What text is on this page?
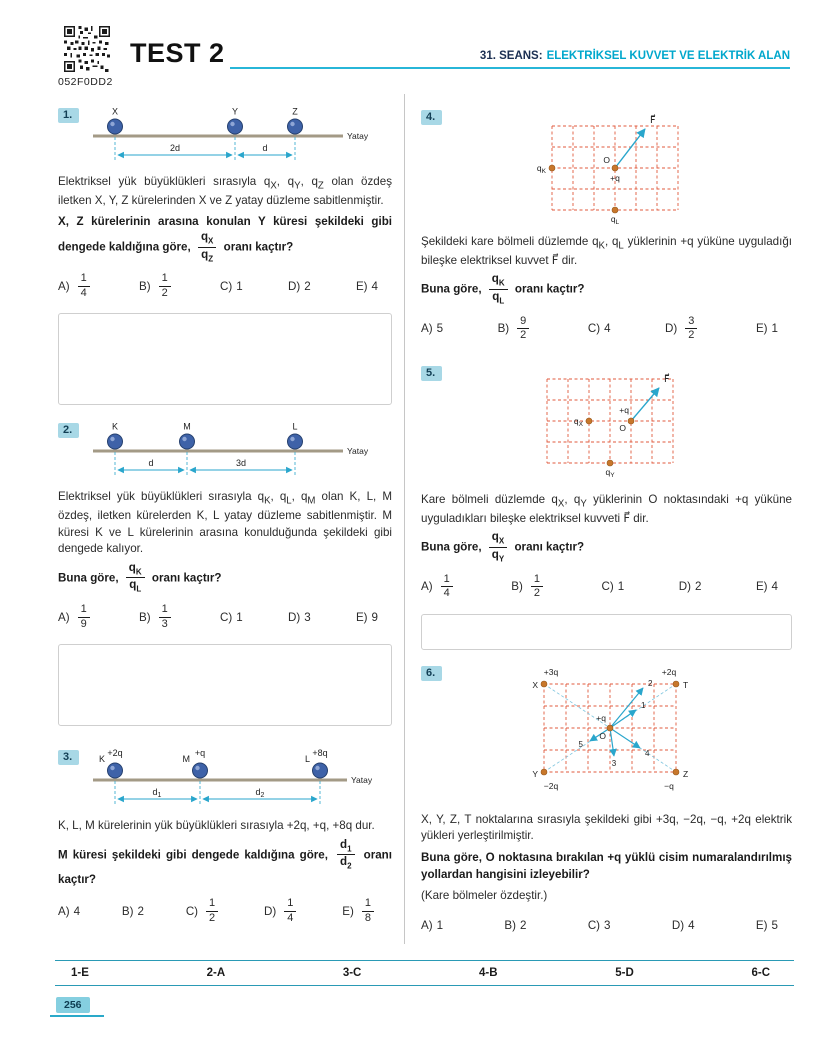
052F0DD2
TEST 2	31. SEANS: ELEKTRİKSEL KUVVET VE ELEKTRİK ALAN
1.
Yatay
2d	d
X	Y	Z

Elektriksel yük büyüklükleri sırasıyla $q_X$, $q_Y$, $q_Z$ olan özdeş iletken X, Y, Z kürelerinden X ve Z yatay düzleme sabitlenmiştir.

X, Z kürelerinin arasına konulan Y küresi şekildeki gibi dengede kaldığına göre, $\frac{q_X}{q_Z}$ oranı kaçtır?

$A) \frac{1}{4}$	$B) \frac{1}{2}$	C) 1	D) 2	E) 4
2.
Yatay
d	3d
K	M	L

Elektriksel yük büyüklükleri sırasıyla $q_K$, $q_L$, $q_M$ olan K, L, M özdeş, iletken kürelerden K, L yatay düzleme sabitlenmiştir. M küresi K ve L kürelerinin arasına konulduğunda şekildeki gibi dengede kalıyor.

Buna göre, $\frac{q_K}{q_L}$ oranı kaçtır?

$A) \frac{1}{9}$	$B) \frac{1}{3}$	C) 1	D) 3	E) 9
3.
Yatay
$d_1$	$d_2$
+2q	+q	+8q
K	M	L

K, L, M kürelerinin yük büyüklükleri sırasıyla +2q, +q, +8q dur.

M küresi şekildeki gibi dengede kaldığına göre, $\frac{d_1}{d_2}$ oranı kaçtır?

A) 4	B) 2	$C) \frac{1}{2}$	$D) \frac{1}{4}$	$E) \frac{1}{8}$
4.	F⃗
$q_K$
O
+q
$q_L$

Şekildeki kare bölmeli düzlemde $q_K$, $q_L$ yüklerinin +q yüküne uyguladığı bileşke elektriksel kuvvet F⃗ dir.

Buna göre, $\frac{q_K}{q_L}$ oranı kaçtır?

A) 5	$B) \frac{9}{2}$	C) 4	$D) \frac{3}{2}$	E) 1
5.
F⃗
+q
O
$q_X$
$q_Y$

Kare bölmeli düzlemde $q_X$, $q_Y$ yüklerinin O noktasındaki +q yüküne uyguladıkları bileşke elektriksel kuvveti F⃗ dir.

Buna göre, $\frac{q_X}{q_Y}$ oranı kaçtır?

$A) \frac{1}{4}$	$B) \frac{1}{2}$	C) 1	D) 2	E) 4
6.	+3q
X
+2q
T
Y
−2q
Z
−q
2
1
5
3
4
+q
O

X, Y, Z, T noktalarına sırasıyla şekildeki gibi +3q, −2q, −q, +2q elektrik yükleri yerleştirilmiştir.

Buna göre, O noktasına bırakılan +q yüklü cisim numaralandırılmış yollardan hangisini izleyebilir?

(Kare bölmeler özdeştir.)

A) 1	B) 2	C) 3	D) 4	E) 5
1-E	2-A	3-C	4-B	5-D	6-C
256
